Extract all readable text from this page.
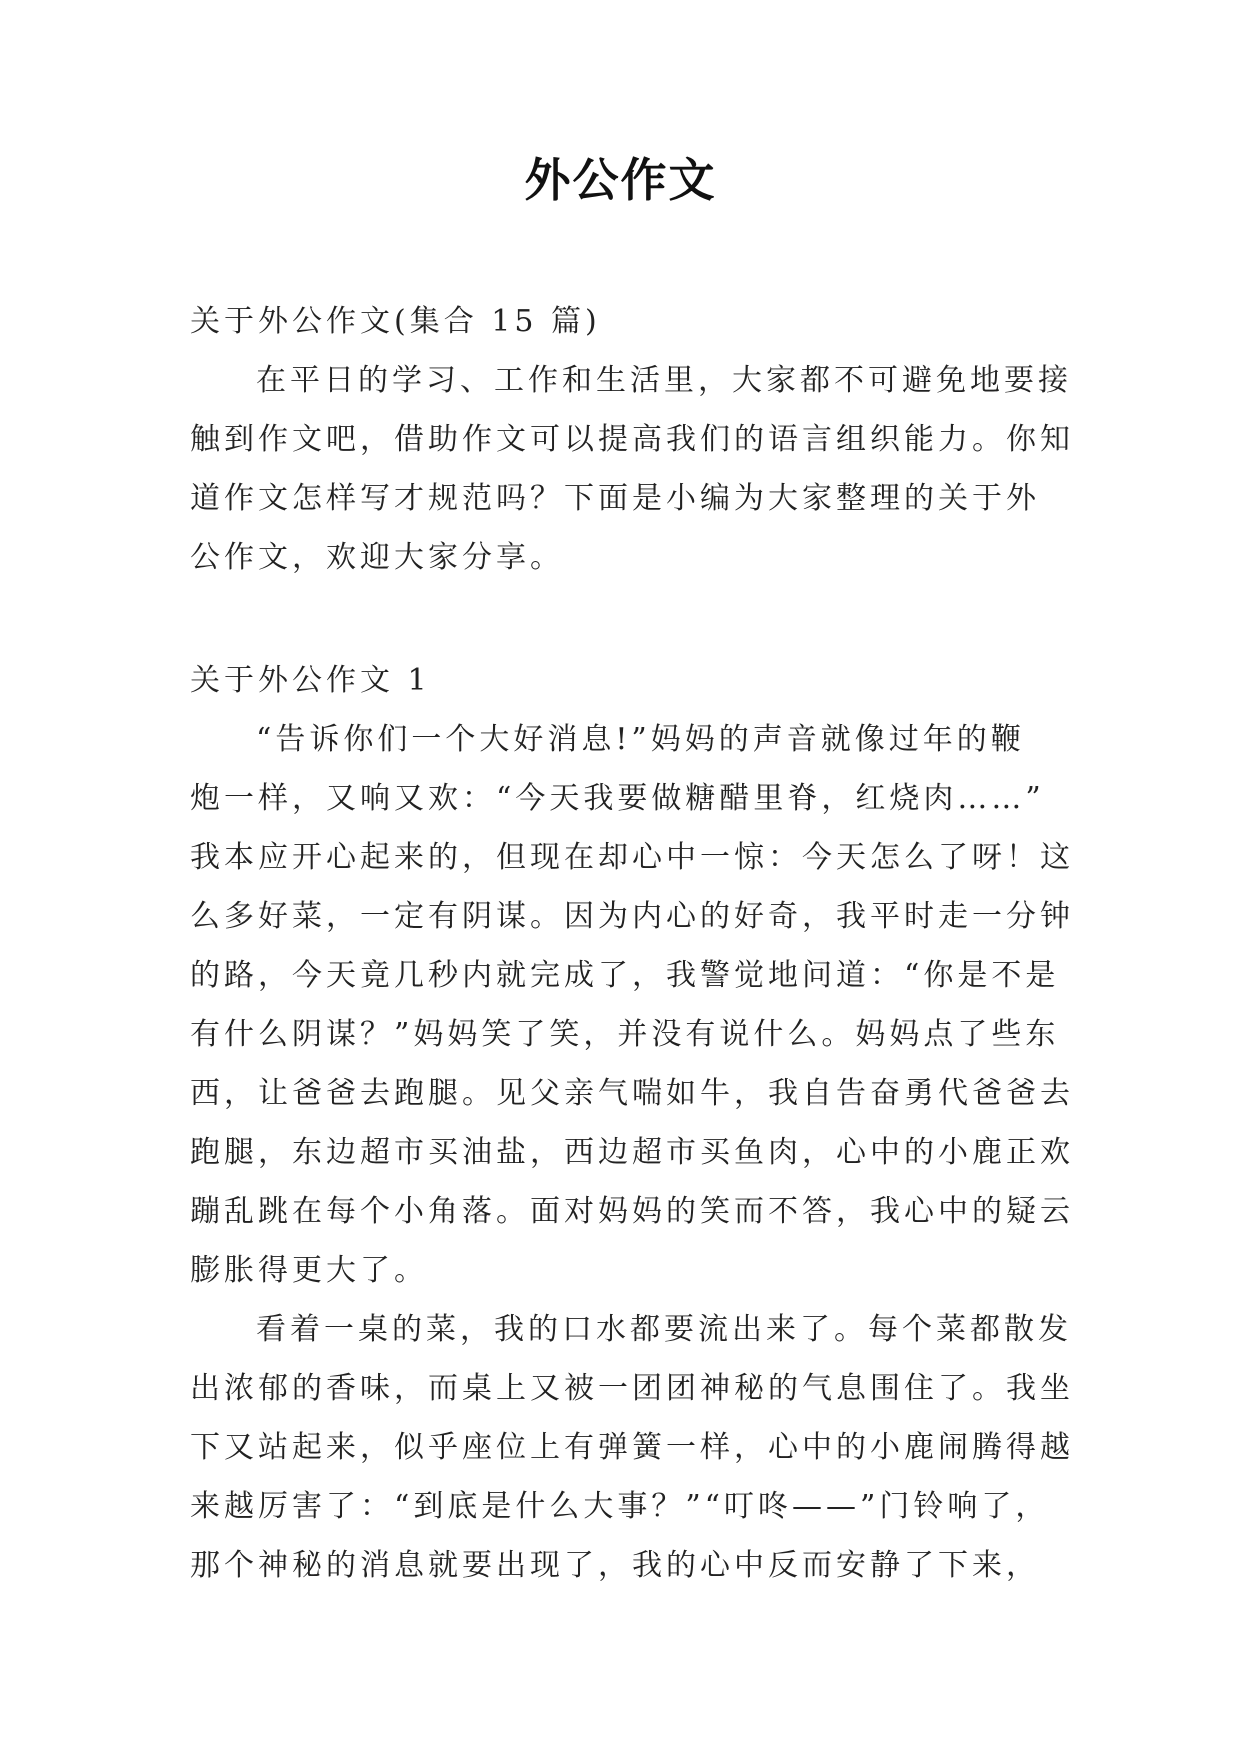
外公作文
关于外公作文(集合 15 篇)
在平日的学习、工作和生活里，大家都不可避免地要接
触到作文吧，借助作文可以提高我们的语言组织能力。你知
道作文怎样写才规范吗？下面是小编为大家整理的关于外
公作文，欢迎大家分享。
关于外公作文 1
“告诉你们一个大好消息!”妈妈的声音就像过年的鞭
炮一样，又响又欢：“今天我要做糖醋里脊，红烧肉……”
我本应开心起来的，但现在却心中一惊：今天怎么了呀！这
么多好菜，一定有阴谋。因为内心的好奇，我平时走一分钟
的路，今天竟几秒内就完成了，我警觉地问道：“你是不是
有什么阴谋？”妈妈笑了笑，并没有说什么。妈妈点了些东
西，让爸爸去跑腿。见父亲气喘如牛，我自告奋勇代爸爸去
跑腿，东边超市买油盐，西边超市买鱼肉，心中的小鹿正欢
蹦乱跳在每个小角落。面对妈妈的笑而不答，我心中的疑云
膨胀得更大了。
看着一桌的菜，我的口水都要流出来了。每个菜都散发
出浓郁的香味，而桌上又被一团团神秘的气息围住了。我坐
下又站起来，似乎座位上有弹簧一样，心中的小鹿闹腾得越
来越厉害了：“到底是什么大事？”“叮咚——”门铃响了，
那个神秘的消息就要出现了，我的心中反而安静了下来，
